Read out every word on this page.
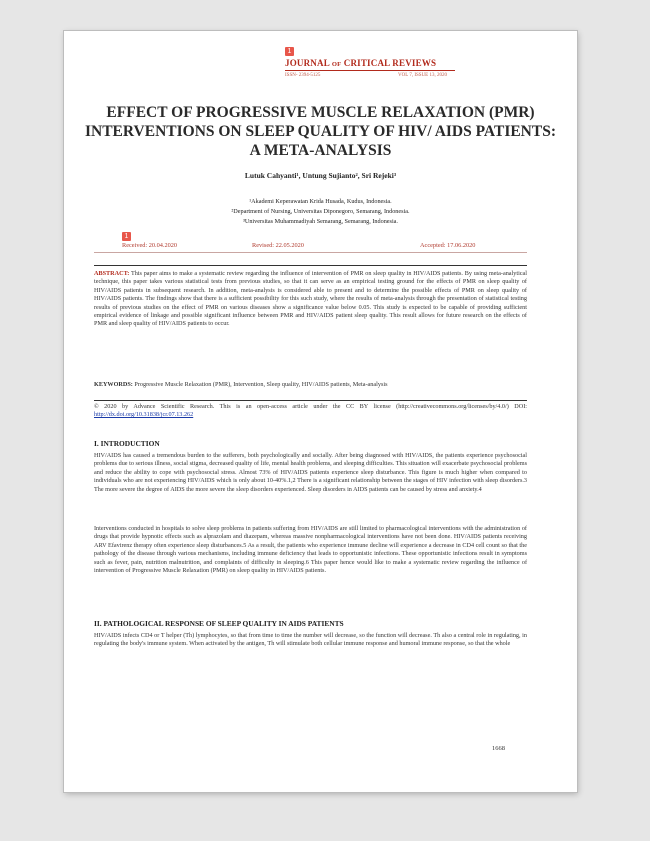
1
JOURNAL OF CRITICAL REVIEWS
ISSN- 2394-5125	VOL 7, ISSUE 13, 2020
EFFECT OF PROGRESSIVE MUSCLE RELAXATION (PMR) INTERVENTIONS ON SLEEP QUALITY OF HIV/ AIDS PATIENTS: A META-ANALYSIS
Lutuk Cahyanti¹, Untung Sujianto², Sri Rejeki³
¹Akademi Keperawatan Krida Husada, Kudus, Indonesia.
²Department of Nursing, Universitas Diponegoro, Semarang, Indonesia.
³Universitas Muhammadiyah Semarang, Semarang, Indonesia.
1
Received: 20.04.2020	Revised: 22.05.2020	Accepted: 17.06.2020
ABSTRACT: This paper aims to make a systematic review regarding the influence of intervention of PMR on sleep quality in HIV/AIDS patients. By using meta-analytical technique, this paper takes various statistical tests from previous studies, so that it can serve as an empirical testing ground for the effects of PMR on sleep quality of HIV/AIDS patients in subsequent research. In addition, meta-analysis is considered able to present and to determine the possible effects of PMR on sleep quality of HIV/AIDS patients. The findings show that there is a sufficient possibility for this such study, where the results of meta-analysis through the presentation of statistical testing results of previous studies on the effect of PMR on various diseases show a significance value below 0.05. This study is expected to be capable of providing sufficient empirical evidence of linkage and possible significant influence between PMR and HIV/AIDS patient sleep quality. This result allows for future research on the effects of PMR and sleep quality of HIV/AIDS patients to occur.
KEYWORDS: Progressive Muscle Relaxation (PMR), Intervention, Sleep quality, HIV/AIDS patients, Meta-analysis
© 2020 by Advance Scientific Research. This is an open-access article under the CC BY license (http://creativecommons.org/licenses/by/4.0/) DOI: http://dx.doi.org/10.31838/jcr.07.13.262
I. INTRODUCTION
HIV/AIDS has caused a tremendous burden to the sufferers, both psychologically and socially. After being diagnosed with HIV/AIDS, the patients experience psychosocial problems due to serious illness, social stigma, decreased quality of life, mental health problems, and sleeping difficulties. This situation will exacerbate psychosocial problems and reduce the ability to cope with psychosocial stress. Almost 73% of HIV/AIDS patients experience sleep disturbance. This figure is much higher when compared to individuals who are not experiencing HIV/AIDS which is only about 10-40%.1,2 There is a significant relationship between the stages of HIV infection with sleep disorders.3 The more severe the degree of AIDS the more severe the sleep disorders experienced. Sleep disorders in AIDS patients can be caused by stress and anxiety.4
Interventions conducted in hospitals to solve sleep problems in patients suffering from HIV/AIDS are still limited to pharmacological interventions with the administration of drugs that provide hypnotic effects such as alprazolam and diazepam, whereas massive nonpharmacological interventions have not been done. HIV/AIDS patients receiving ARV Efavirenz therapy often experience sleep disturbances.5 As a result, the patients who experience immune decline will experience a decrease in CD4 cell count so that the pathology of the disease through various mechanisms, including immune deficiency that leads to opportunistic infections. These opportunistic infections result in symptoms such as fever, pain, nutrition malnutrition, and complaints of difficulty in sleeping.6 This paper hence would like to make a systematic review regarding the influence of intervention of Progressive Muscle Relaxation (PMR) on sleep quality in HIV/AIDS patients.
II. PATHOLOGICAL RESPONSE OF SLEEP QUALITY IN AIDS PATIENTS
HIV/AIDS infects CD4 or T helper (Th) lymphocytes, so that from time to time the number will decrease, so the function will decrease. Th also a central role in regulating, in regulating the body's immune system. When activated by the antigen, Th will stimulate both cellular immune response and humoral immune response, so that the whole
1668
